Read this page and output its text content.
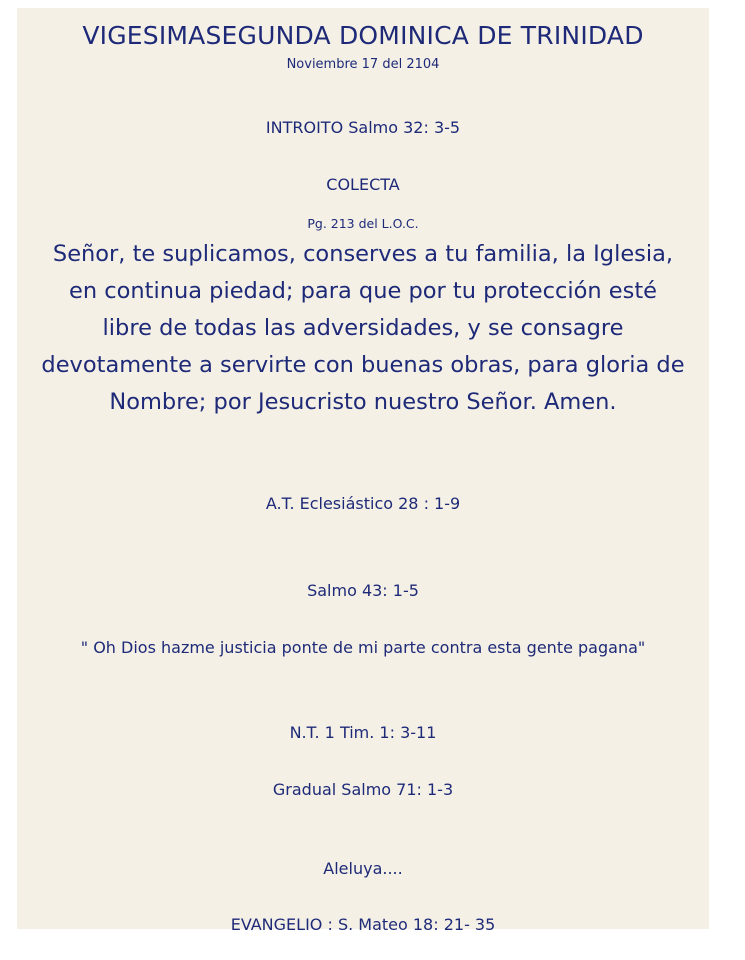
VIGESIMASEGUNDA DOMINICA DE TRINIDAD

Noviembre 17 del 2104

INTROITO Salmo 32: 3-5

COLECTA

Pg. 213 del L.O.C.

Señor, te suplicamos, conserves a tu familia, la Iglesia,
en continua piedad; para que por tu protección esté
libre de todas las adversidades, y se consagre
devotamente a servirte con buenas obras, para gloria de
Nombre; por Jesucristo nuestro Señor. Amen.

A.T. Eclesiástico 28 : 1-9

Salmo 43: 1-5

" Oh Dios hazme justicia ponte de mi parte contra esta gente pagana"

N.T. 1 Tim. 1: 3-11

Gradual Salmo 71: 1-3

Aleluya....

EVANGELIO : S. Mateo 18: 21- 35
